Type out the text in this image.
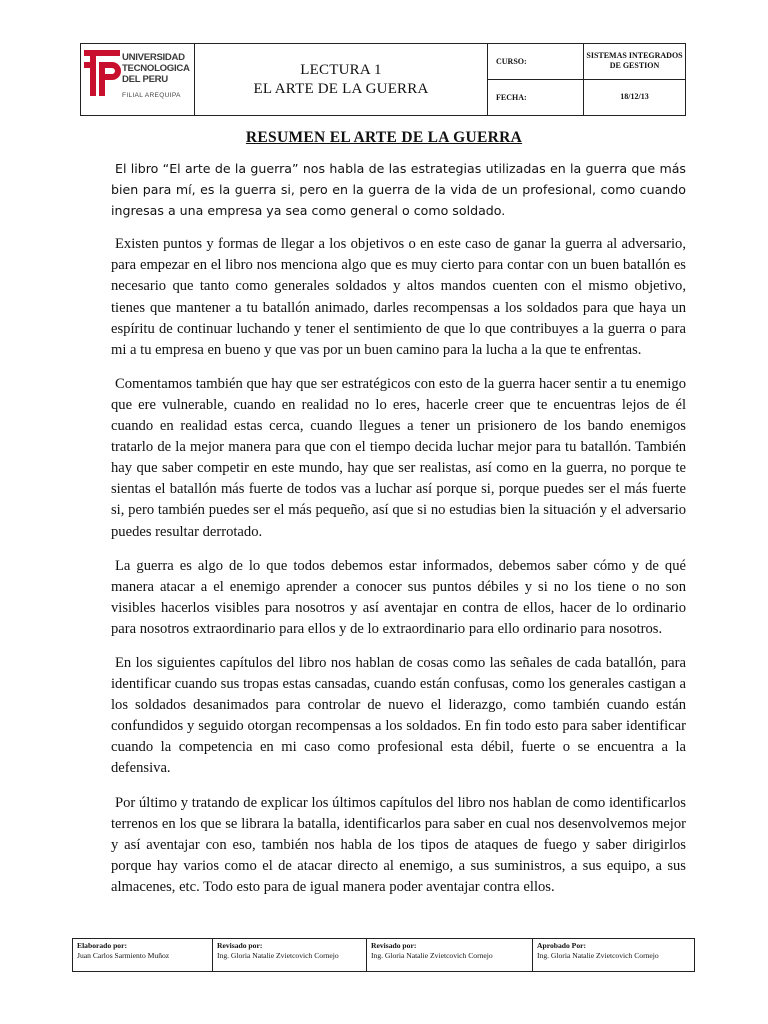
UNIVERSIDAD
TECNOLOGICA
DEL PERU
FILIAL AREQUIPA
LECTURA 1
EL ARTE DE LA GUERRA
CURSO:
SISTEMAS INTEGRADOS DE GESTION
FECHA:	18/12/13
RESUMEN EL ARTE DE LA GUERRA

El libro “El arte de la guerra” nos habla de las estrategias utilizadas en la guerra que más bien para mí, es la guerra si, pero en la guerra de la vida de un profesional, como cuando ingresas a una empresa ya sea como general o como soldado.

Existen puntos y formas de llegar a los objetivos o en este caso de ganar la guerra al adversario, para empezar en el libro nos menciona algo que es muy cierto para contar con un buen batallón es necesario que tanto como generales soldados y altos mandos cuenten con el mismo objetivo, tienes que mantener a tu batallón animado, darles recompensas a los soldados para que haya un espíritu de continuar luchando y tener el sentimiento de que lo que contribuyes a la guerra o para mi a tu empresa en bueno y que vas por un buen camino para la lucha a la que te enfrentas.

Comentamos también que hay que ser estratégicos con esto de la guerra hacer sentir a tu enemigo que ere vulnerable, cuando en realidad no lo eres, hacerle creer que te encuentras lejos de él cuando en realidad estas cerca, cuando llegues a tener un prisionero de los bando enemigos tratarlo de la mejor manera para que con el tiempo decida luchar mejor para tu batallón. También hay que saber competir en este mundo, hay que ser realistas, así como en la guerra, no porque te sientas el batallón más fuerte de todos vas a luchar así porque si, porque puedes ser el más fuerte si, pero también puedes ser el más pequeño, así que si no estudias bien la situación y el adversario puedes resultar derrotado.

La guerra es algo de lo que todos debemos estar informados, debemos saber cómo y de qué manera atacar a el enemigo aprender a conocer sus puntos débiles y si no los tiene o no son visibles hacerlos visibles para nosotros y así aventajar en contra de ellos, hacer de lo ordinario para nosotros extraordinario para ellos y de lo extraordinario para ello ordinario para nosotros.

En los siguientes capítulos del libro nos hablan de cosas como las señales de cada batallón, para identificar cuando sus tropas estas cansadas, cuando están confusas, como los generales castigan a los soldados desanimados para controlar de nuevo el liderazgo, como también cuando están confundidos y seguido otorgan recompensas a los soldados. En fin todo esto para saber identificar cuando la competencia en mi caso como profesional esta débil, fuerte o se encuentra a la defensiva.

Por último y tratando de explicar los últimos capítulos del libro nos hablan de como identificarlos terrenos en los que se librara la batalla, identificarlos para saber en cual nos desenvolvemos mejor y así aventajar con eso, también nos habla de los tipos de ataques de fuego y saber dirigirlos porque hay varios como el de atacar directo al enemigo, a sus suministros, a sus equipo, a sus almacenes, etc. Todo esto para de igual manera poder aventajar contra ellos.

Elaborado por:
Juan Carlos Sarmiento Muñoz
Revisado por:
Ing. Gloria Natalie Zvietcovich Cornejo
Revisado por:
Ing. Gloria Natalie Zvietcovich Cornejo
Aprobado Por:
Ing. Gloria Natalie Zvietcovich Cornejo
